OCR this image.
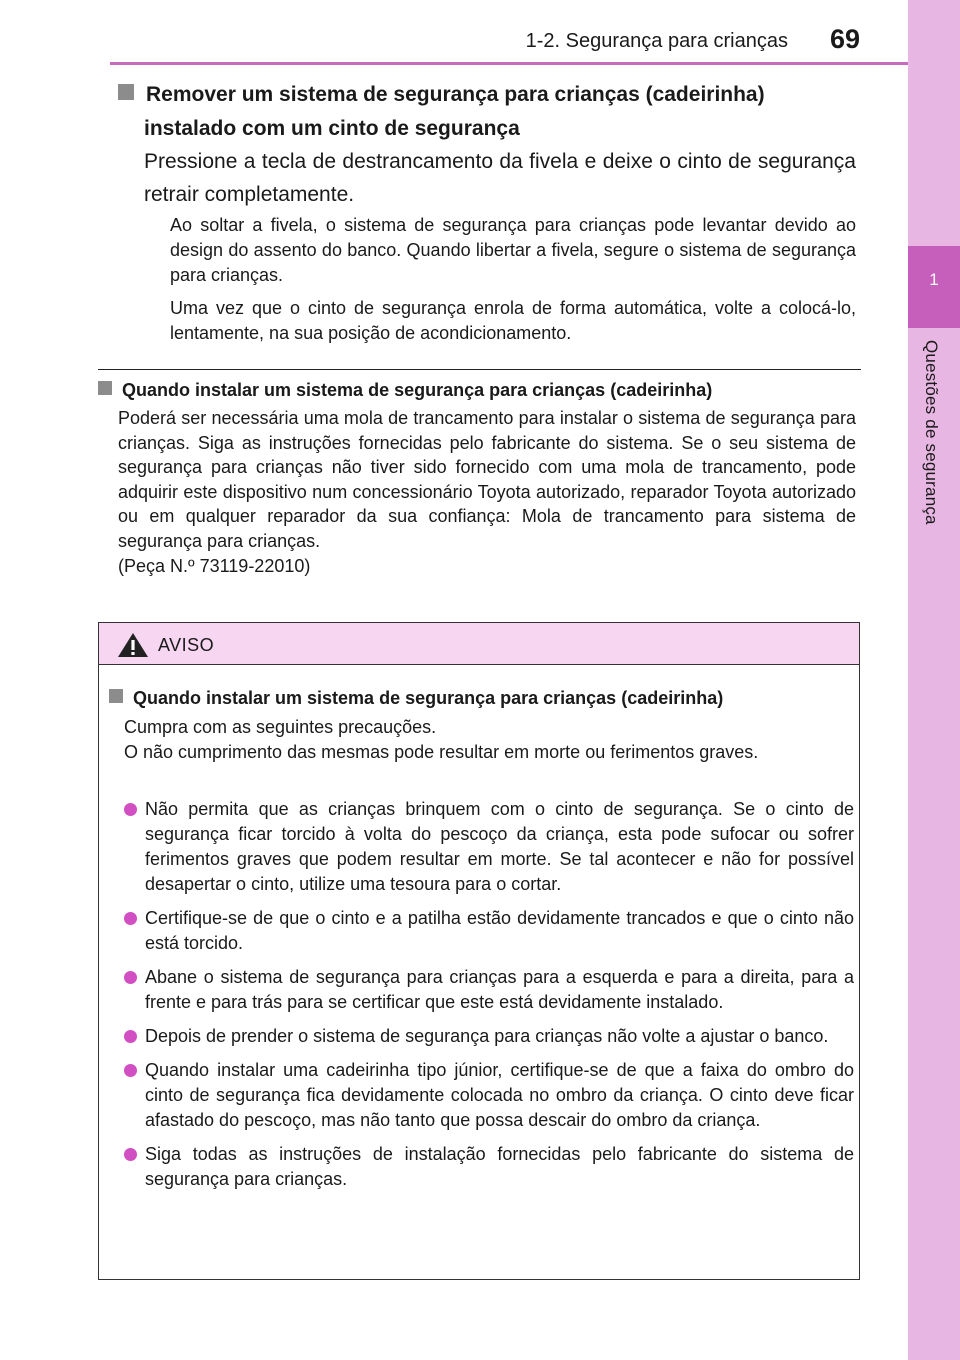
1-2. Segurança para crianças 69
1
Questões de segurança
Remover um sistema de segurança para crianças (cadeirinha)
instalado com um cinto de segurança
Pressione a tecla de destrancamento da fivela e deixe o cinto de segurança retrair completamente.
Ao soltar a fivela, o sistema de segurança para crianças pode levantar devido ao design do assento do banco. Quando libertar a fivela, segure o sistema de segurança para crianças.
Uma vez que o cinto de segurança enrola de forma automática, volte a colocá-lo, lentamente, na sua posição de acondicionamento.
Quando instalar um sistema de segurança para crianças (cadeirinha)
Poderá ser necessária uma mola de trancamento para instalar o sistema de segurança para crianças. Siga as instruções fornecidas pelo fabricante do sistema. Se o seu sistema de segurança para crianças não tiver sido fornecido com uma mola de trancamento, pode adquirir este dispositivo num concessionário Toyota autorizado, reparador Toyota autorizado ou em qualquer reparador da sua confiança: Mola de trancamento para sistema de segurança para crianças.
(Peça N.º 73119-22010)
AVISO
Quando instalar um sistema de segurança para crianças (cadeirinha)
Cumpra com as seguintes precauções.
O não cumprimento das mesmas pode resultar em morte ou ferimentos graves.
Não permita que as crianças brinquem com o cinto de segurança. Se o cinto de segurança ficar torcido à volta do pescoço da criança, esta pode sufocar ou sofrer ferimentos graves que podem resultar em morte. Se tal acontecer e não for possível desapertar o cinto, utilize uma tesoura para o cortar.
Certifique-se de que o cinto e a patilha estão devidamente trancados e que o cinto não está torcido.
Abane o sistema de segurança para crianças para a esquerda e para a direita, para a frente e para trás para se certificar que este está devidamente instalado.
Depois de prender o sistema de segurança para crianças não volte a ajustar o banco.
Quando instalar uma cadeirinha tipo júnior, certifique-se de que a faixa do ombro do cinto de segurança fica devidamente colocada no ombro da criança. O cinto deve ficar afastado do pescoço, mas não tanto que possa descair do ombro da criança.
Siga todas as instruções de instalação fornecidas pelo fabricante do sistema de segurança para crianças.
